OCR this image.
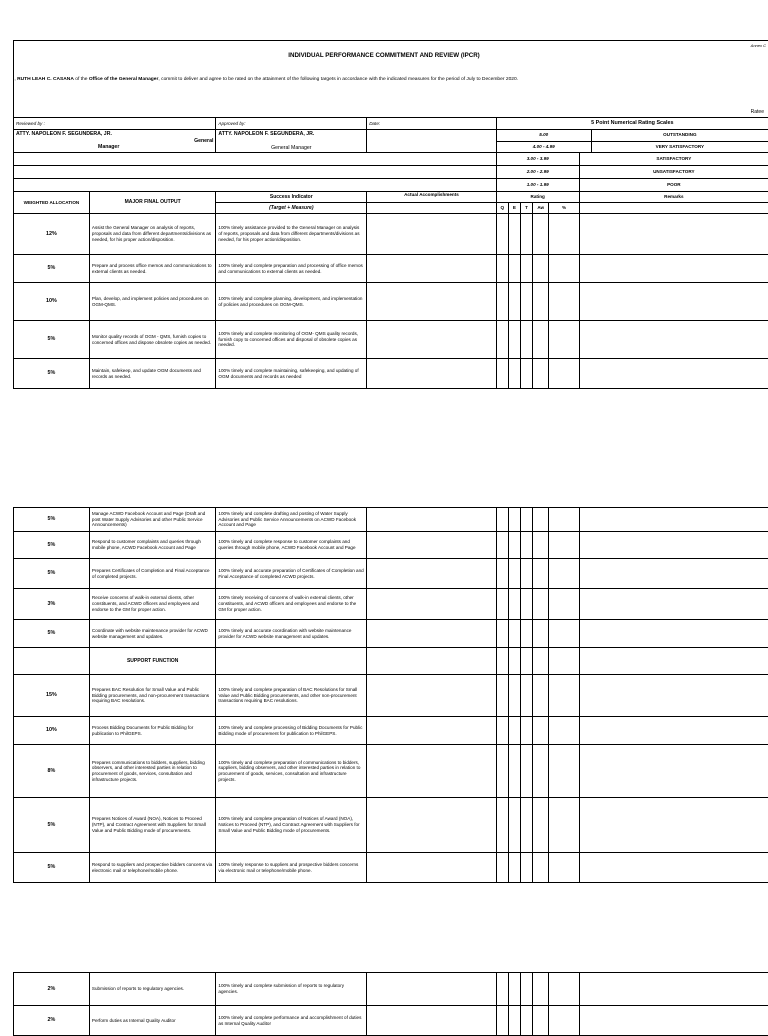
Annex C
INDIVIDUAL PERFORMANCE COMMITMENT AND REVIEW (IPCR)
I, RUTH LEAH C. CASANA of the Office of the General Manager, commit to deliver and agree to be rated on the attainment of the following targets in accordance with the indicated measures for the period of July to December 2020.
Ratee
Reviewed by :	Approved by:	Date:	5 Point Numerical Rating Scales

ATTY. NAPOLEON F. SEGUNDERA, JR.
General
Manager

ATTY. NAPOLEON F. SEGUNDERA, JR.
General Manager

5.00	OUTSTANDING
4.00 - 4.99	VERY SATISFACTORY

	3.00 - 3.99	SATISFACTORY
	2.00 - 2.99	UNSATISFACTORY
	1.00 - 1.99	POOR
WEIGHTED ALLOCATION	MAJOR FINAL OUTPUT	Success Indicator	Actual Accomplishments	Rating	Remarks
(Target + Measure)		Q	E	T	Aw	%	
12%	Assist the General Manager on analysis of reports, proposals and data from different departments/divisions as needed, for his proper action/disposition.	100% timely assistance provided to the General Manager on analysis of reports, proposals and data from different departments/divisions as needed, for his proper action/disposition.							
5%	Prepare and process office memos and communications to external clients as needed.	100% timely and complete preparation and processing of office memos and communications to external clients as needed.							
10%	Plan, develop, and implement policies and procedures on OGM-QMS.	100% timely and complete planning, development, and implementation of policies and procedures on OGM-QMS.							
5%	Monitor quality records of OGM - QMS, furnish copies to concerned offices and dispose obsolete copies as needed.	100% timely and complete monitoring of OGM- QMS quality records, furnish copy to concerned offices and disposal of obsolete copies as needed.							
5%	Maintain, safekeep, and update OGM documents and records as needed.	100% timely and complete maintaining, safekeeping, and updating of OGM documents and records as needed							
5%	Manage ACWD Facebook Account and Page (Draft and post Water Supply Advisories and other Public Service Announcements)	100% timely and complete drafting and posting of Water Supply Advisories and Public Service Announcements on ACWD Facebook Account and Page							
5%	Respond to customer complaints and queries through mobile phone, ACWD Facebook Account and Page	100% timely and complete response to customer complaints and queries through mobile phone, ACWD Facebook Account and Page							
5%	Prepares Certificates of Completion and Final Acceptance of completed projects.	100% timely and accurate preparation of Certificates of Completion and Final Acceptance of completed ACWD projects.							
3%	Receive concerns of walk-in external clients, other constituents, and ACWD officers and employees and endorse to the GM for proper action.	100% timely receiving of concerns of walk-in external clients, other constituents, and ACWD officers and employees and endorse to the GM for proper action.							
5%	Coordinate with website maintenance provider for ACWD website management and updates.	100% timely and accurate coordination with website maintenance provider for ACWD website management and updates.							
	SUPPORT FUNCTION								
15%	Prepares BAC Resolution for Small Value and Public Bidding procurements, and non-procurement transactions requiring BAC resolutions.	100% timely and complete preparation of BAC Resolutions for Small Value and Public Bidding procurements, and other non-procurement transactions requiring BAC resolutions.							
10%	Process Bidding Documents for Public Bidding for publication to PhilGEPS.	100% timely and complete processing of Bidding Documents for Public Bidding mode of procurement for publication to PhilGEPS.							
8%	Prepares communications to bidders, suppliers, bidding observers, and other interested parties in relation to procurement of goods, services, consultation and infrastructure projects.	100% timely and complete preparation of communications to bidders, suppliers, bidding observers, and other interested parties in relation to procurement of goods, services, consultation and infrastructure projects.							
5%	Prepares Notices of Award (NOA), Notices to Proceed (NTP), and Contract Agreement with Suppliers for Small Value and Public Bidding mode of procurements.	100% timely and complete preparation of Notices of Award (NOA), Notices to Proceed (NTP), and Contract Agreement with Suppliers for Small Value and Public Bidding mode of procurements.							
5%	Respond to suppliers and prospective bidders concerns via electronic mail or telephone/mobile phone.	100% timely response to suppliers and prospective bidders concerns via electronic mail or telephone/mobile phone.							
2%	Submission of reports to regulatory agencies.	100% timely and complete submission of reports to regulatory agencies.							
2%	Perform duties as Internal Quality Auditor	100% timely and complete performance and accomplishment of duties as Internal Quality Auditor							
